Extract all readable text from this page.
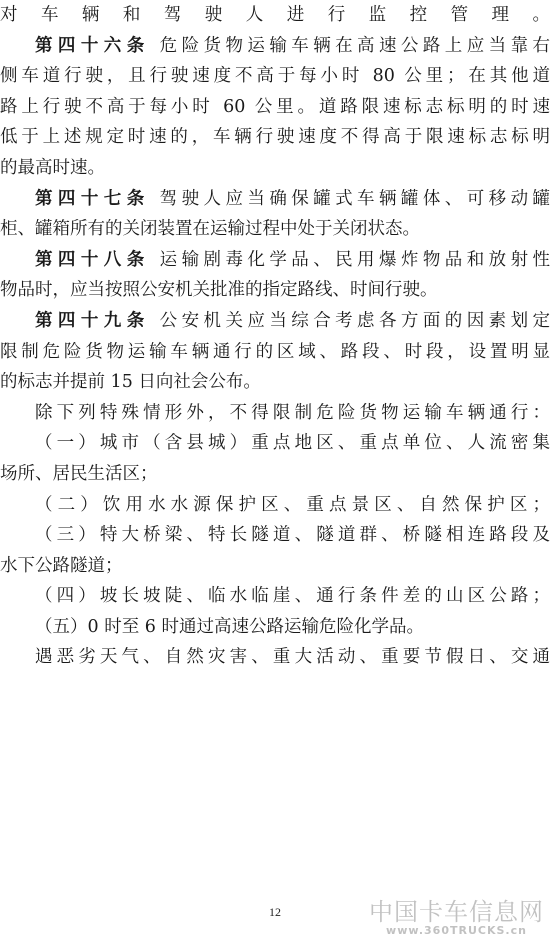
对车辆和驾驶人进行监控管理。
第四十六条 危险货物运输车辆在高速公路上应当靠右
侧车道行驶，且行驶速度不高于每小时 80 公里；在其他道
路上行驶不高于每小时 60 公里。道路限速标志标明的时速
低于上述规定时速的，车辆行驶速度不得高于限速标志标明
的最高时速。
第四十七条 驾驶人应当确保罐式车辆罐体、可移动罐
柜、罐箱所有的关闭装置在运输过程中处于关闭状态。
第四十八条 运输剧毒化学品、民用爆炸物品和放射性
物品时，应当按照公安机关批准的指定路线、时间行驶。
第四十九条 公安机关应当综合考虑各方面的因素划定
限制危险货物运输车辆通行的区域、路段、时段，设置明显
的标志并提前 15 日向社会公布。
除下列特殊情形外，不得限制危险货物运输车辆通行：
（一）城市（含县城）重点地区、重点单位、人流密集
场所、居民生活区；
（二）饮用水水源保护区、重点景区、自然保护区；
（三）特大桥梁、特长隧道、隧道群、桥隧相连路段及
水下公路隧道；
（四）坡长坡陡、临水临崖、通行条件差的山区公路；
（五）0 时至 6 时通过高速公路运输危险化学品。
遇恶劣天气、自然灾害、重大活动、重要节假日、交通
12	中国卡车信息网
www.360TRUCKS.cn
